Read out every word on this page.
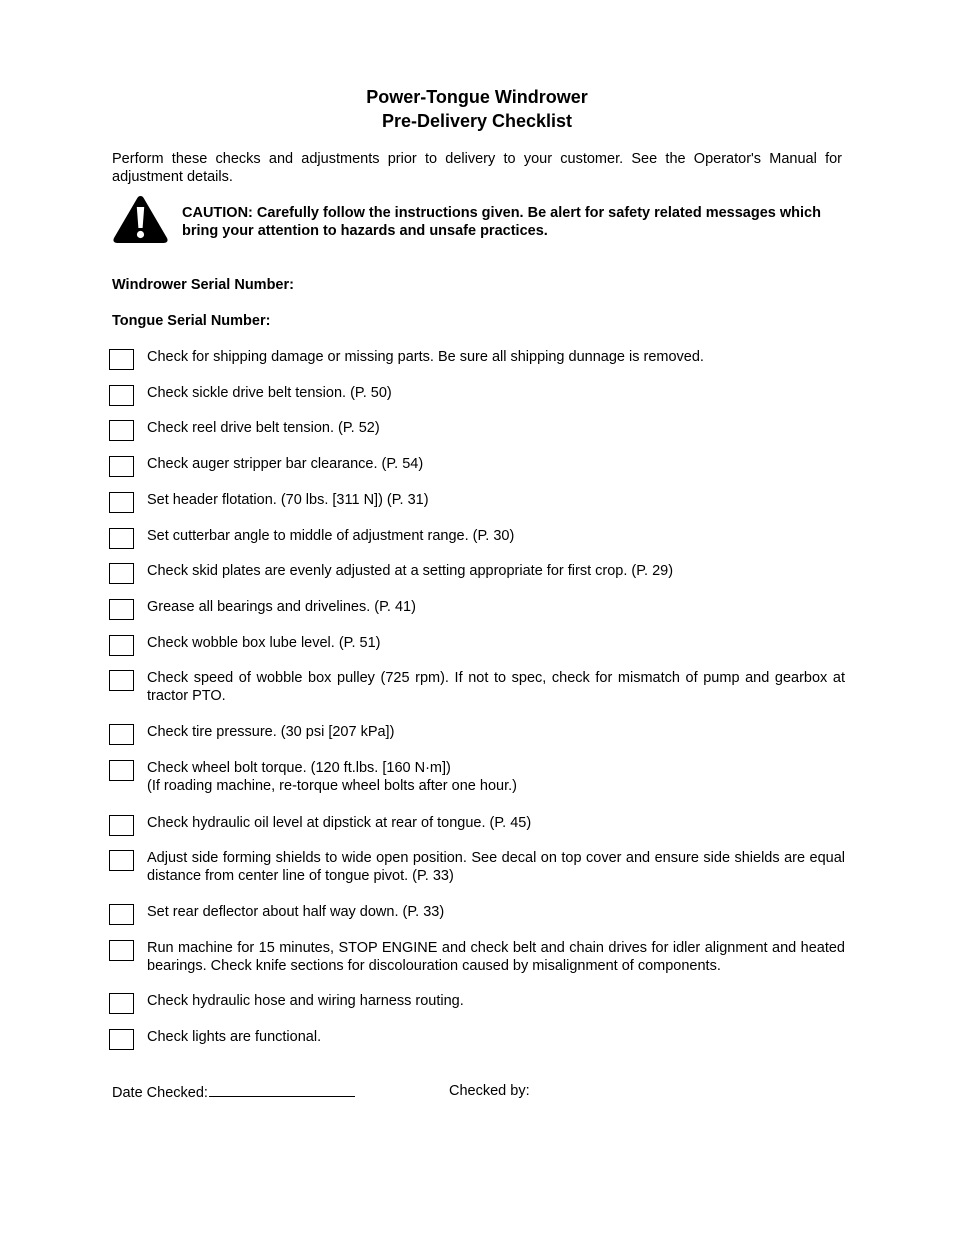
Power-Tongue Windrower
Pre-Delivery Checklist
Perform these checks and adjustments prior to delivery to your customer. See the Operator's Manual for adjustment details.
CAUTION: Carefully follow the instructions given. Be alert for safety related messages which bring your attention to hazards and unsafe practices.
Windrower Serial Number:
Tongue Serial Number:
Check for shipping damage or missing parts. Be sure all shipping dunnage is removed.
Check sickle drive belt tension. (P. 50)
Check reel drive belt tension. (P. 52)
Check auger stripper bar clearance. (P. 54)
Set header flotation. (70 lbs. [311 N]) (P. 31)
Set cutterbar angle to middle of adjustment range. (P. 30)
Check skid plates are evenly adjusted at a setting appropriate for first crop. (P. 29)
Grease all bearings and drivelines. (P. 41)
Check wobble box lube level. (P. 51)
Check speed of wobble box pulley (725 rpm). If not to spec, check for mismatch of pump and gearbox at tractor PTO.
Check tire pressure. (30 psi [207 kPa])
Check wheel bolt torque. (120 ft.lbs. [160 N·m])
(If roading machine, re-torque wheel bolts after one hour.)
Check hydraulic oil level at dipstick at rear of tongue. (P. 45)
Adjust side forming shields to wide open position. See decal on top cover and ensure side shields are equal distance from center line of tongue pivot. (P. 33)
Set rear deflector about half way down. (P. 33)
Run machine for 15 minutes, STOP ENGINE and check belt and chain drives for idler alignment and heated bearings. Check knife sections for discolouration caused by misalignment of components.
Check hydraulic hose and wiring harness routing.
Check lights are functional.
Date Checked:	Checked by:
